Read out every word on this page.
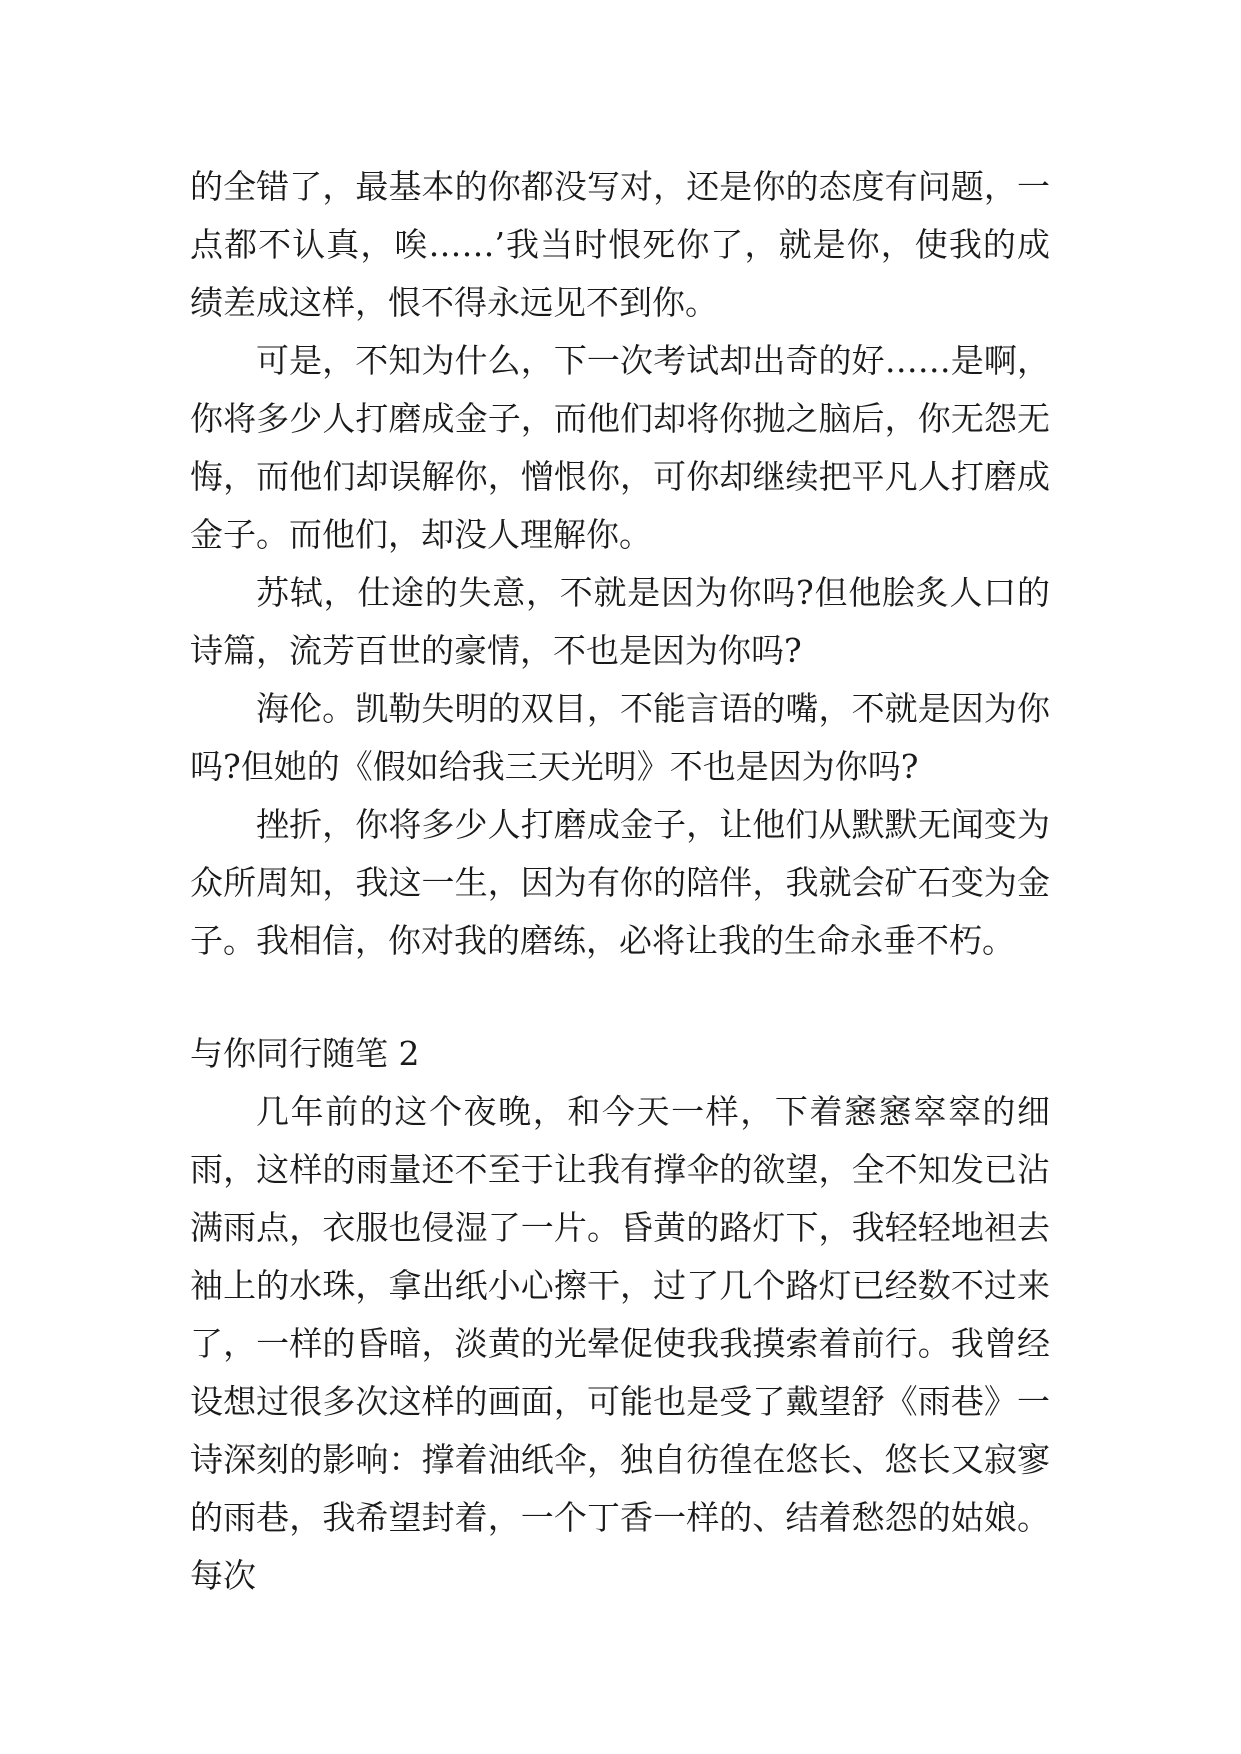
的全错了，最基本的你都没写对，还是你的态度有问题，一点都不认真，唉……’我当时恨死你了，就是你，使我的成绩差成这样，恨不得永远见不到你。

可是，不知为什么，下一次考试却出奇的好……是啊，你将多少人打磨成金子，而他们却将你抛之脑后，你无怨无悔，而他们却误解你，憎恨你，可你却继续把平凡人打磨成金子。而他们，却没人理解你。

苏轼，仕途的失意，不就是因为你吗?但他脍炙人口的诗篇，流芳百世的豪情，不也是因为你吗?

海伦。凯勒失明的双目，不能言语的嘴，不就是因为你吗?但她的《假如给我三天光明》不也是因为你吗?

挫折，你将多少人打磨成金子，让他们从默默无闻变为众所周知，我这一生，因为有你的陪伴，我就会矿石变为金子。我相信，你对我的磨练，必将让我的生命永垂不朽。

与你同行随笔 2

几年前的这个夜晚，和今天一样，下着窸窸窣窣的细雨，这样的雨量还不至于让我有撑伞的欲望，全不知发已沾满雨点，衣服也侵湿了一片。昏黄的路灯下，我轻轻地袒去袖上的水珠，拿出纸小心擦干，过了几个路灯已经数不过来了，一样的昏暗，淡黄的光晕促使我我摸索着前行。我曾经设想过很多次这样的画面，可能也是受了戴望舒《雨巷》一诗深刻的影响：撑着油纸伞，独自彷徨在悠长、悠长又寂寥的雨巷，我希望封着，一个丁香一样的、结着愁怨的姑娘。每次
